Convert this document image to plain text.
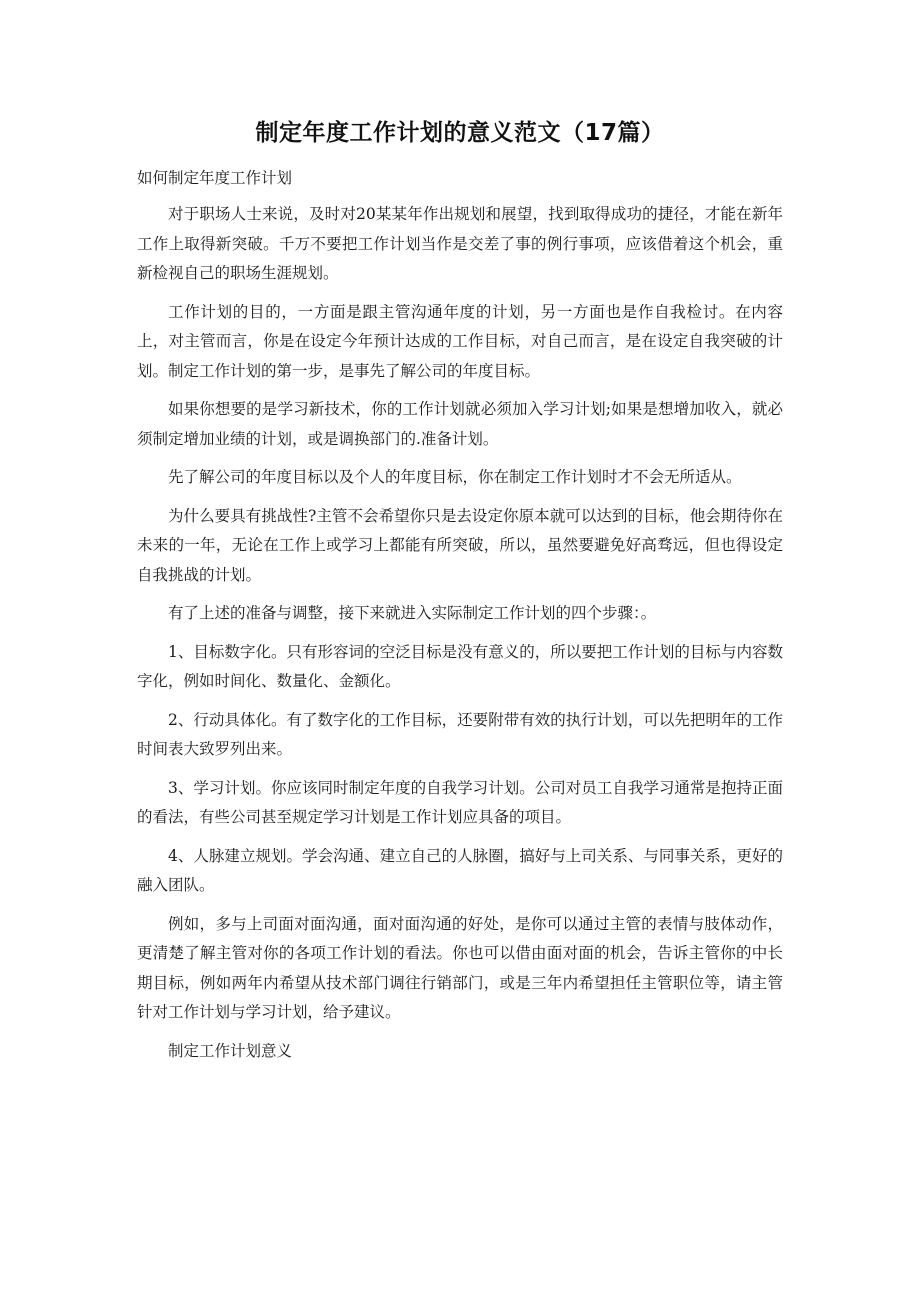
制定年度工作计划的意义范文（17篇）

如何制定年度工作计划

对于职场人士来说，及时对20某某年作出规划和展望，找到取得成功的捷径，才能在新年工作上取得新突破。千万不要把工作计划当作是交差了事的例行事项，应该借着这个机会，重新检视自己的职场生涯规划。

工作计划的目的，一方面是跟主管沟通年度的计划，另一方面也是作自我检讨。在内容上，对主管而言，你是在设定今年预计达成的工作目标，对自己而言，是在设定自我突破的计划。制定工作计划的第一步，是事先了解公司的年度目标。

如果你想要的是学习新技术，你的工作计划就必须加入学习计划;如果是想增加收入，就必须制定增加业绩的计划，或是调换部门的.准备计划。

先了解公司的年度目标以及个人的年度目标，你在制定工作计划时才不会无所适从。

为什么要具有挑战性?主管不会希望你只是去设定你原本就可以达到的目标，他会期待你在未来的一年，无论在工作上或学习上都能有所突破，所以，虽然要避免好高骛远，但也得设定自我挑战的计划。

有了上述的准备与调整，接下来就进入实际制定工作计划的四个步骤：。

1、目标数字化。只有形容词的空泛目标是没有意义的，所以要把工作计划的目标与内容数字化，例如时间化、数量化、金额化。

2、行动具体化。有了数字化的工作目标，还要附带有效的执行计划，可以先把明年的工作时间表大致罗列出来。

3、学习计划。你应该同时制定年度的自我学习计划。公司对员工自我学习通常是抱持正面的看法，有些公司甚至规定学习计划是工作计划应具备的项目。

4、人脉建立规划。学会沟通、建立自己的人脉圈，搞好与上司关系、与同事关系，更好的融入团队。

例如，多与上司面对面沟通，面对面沟通的好处，是你可以通过主管的表情与肢体动作，更清楚了解主管对你的各项工作计划的看法。你也可以借由面对面的机会，告诉主管你的中长期目标，例如两年内希望从技术部门调往行销部门，或是三年内希望担任主管职位等，请主管针对工作计划与学习计划，给予建议。

制定工作计划意义
